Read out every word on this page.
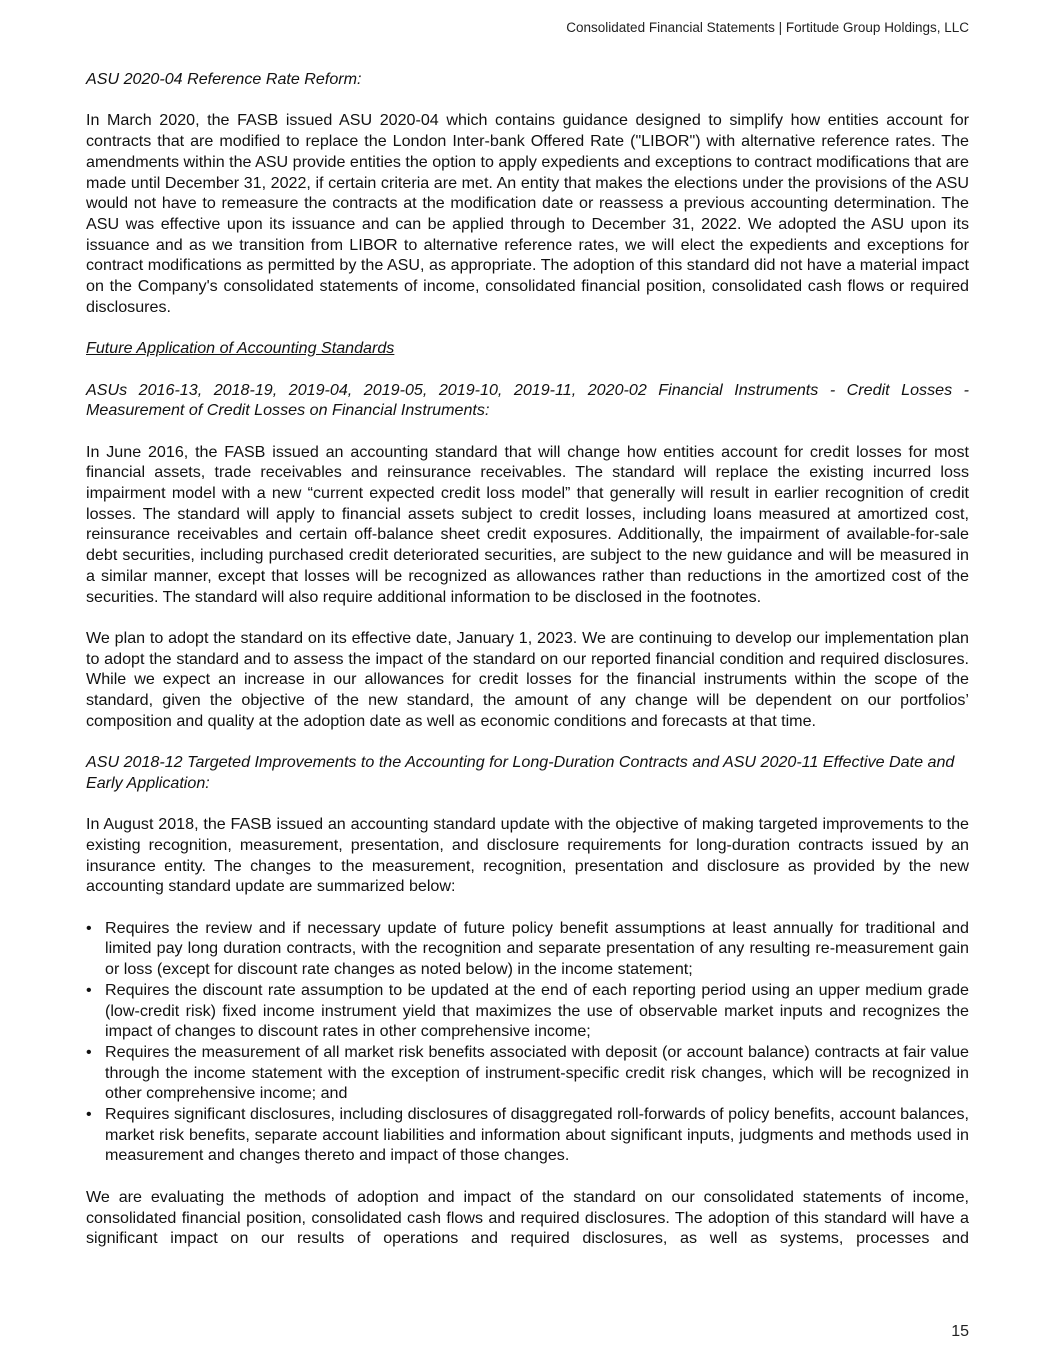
Consolidated Financial Statements | Fortitude Group Holdings, LLC

ASU 2020-04 Reference Rate Reform:

In March 2020, the FASB issued ASU 2020-04 which contains guidance designed to simplify how entities account for contracts that are modified to replace the London Inter-bank Offered Rate ("LIBOR") with alternative reference rates. The amendments within the ASU provide entities the option to apply expedients and exceptions to contract modifications that are made until December 31, 2022, if certain criteria are met. An entity that makes the elections under the provisions of the ASU would not have to remeasure the contracts at the modification date or reassess a previous accounting determination. The ASU was effective upon its issuance and can be applied through to December 31, 2022. We adopted the ASU upon its issuance and as we transition from LIBOR to alternative reference rates, we will elect the expedients and exceptions for contract modifications as permitted by the ASU, as appropriate. The adoption of this standard did not have a material impact on the Company's consolidated statements of income, consolidated financial position, consolidated cash flows or required disclosures.

Future Application of Accounting Standards

ASUs 2016-13, 2018-19, 2019-04, 2019-05, 2019-10, 2019-11, 2020-02 Financial Instruments - Credit Losses - Measurement of Credit Losses on Financial Instruments:

In June 2016, the FASB issued an accounting standard that will change how entities account for credit losses for most financial assets, trade receivables and reinsurance receivables. The standard will replace the existing incurred loss impairment model with a new “current expected credit loss model” that generally will result in earlier recognition of credit losses. The standard will apply to financial assets subject to credit losses, including loans measured at amortized cost, reinsurance receivables and certain off-balance sheet credit exposures. Additionally, the impairment of available-for-sale debt securities, including purchased credit deteriorated securities, are subject to the new guidance and will be measured in a similar manner, except that losses will be recognized as allowances rather than reductions in the amortized cost of the securities. The standard will also require additional information to be disclosed in the footnotes.

We plan to adopt the standard on its effective date, January 1, 2023. We are continuing to develop our implementation plan to adopt the standard and to assess the impact of the standard on our reported financial condition and required disclosures. While we expect an increase in our allowances for credit losses for the financial instruments within the scope of the standard, given the objective of the new standard, the amount of any change will be dependent on our portfolios’ composition and quality at the adoption date as well as economic conditions and forecasts at that time.

ASU 2018-12 Targeted Improvements to the Accounting for Long-Duration Contracts and ASU 2020-11 Effective Date and Early Application:

In August 2018, the FASB issued an accounting standard update with the objective of making targeted improvements to the existing recognition, measurement, presentation, and disclosure requirements for long-duration contracts issued by an insurance entity. The changes to the measurement, recognition, presentation and disclosure as provided by the new accounting standard update are summarized below:

• Requires the review and if necessary update of future policy benefit assumptions at least annually for traditional and limited pay long duration contracts, with the recognition and separate presentation of any resulting re-measurement gain or loss (except for discount rate changes as noted below) in the income statement;
• Requires the discount rate assumption to be updated at the end of each reporting period using an upper medium grade (low-credit risk) fixed income instrument yield that maximizes the use of observable market inputs and recognizes the impact of changes to discount rates in other comprehensive income;
• Requires the measurement of all market risk benefits associated with deposit (or account balance) contracts at fair value through the income statement with the exception of instrument-specific credit risk changes, which will be recognized in other comprehensive income; and
• Requires significant disclosures, including disclosures of disaggregated roll-forwards of policy benefits, account balances, market risk benefits, separate account liabilities and information about significant inputs, judgments and methods used in measurement and changes thereto and impact of those changes.

We are evaluating the methods of adoption and impact of the standard on our consolidated statements of income, consolidated financial position, consolidated cash flows and required disclosures. The adoption of this standard will have a significant impact on our results of operations and required disclosures, as well as systems, processes and

15
